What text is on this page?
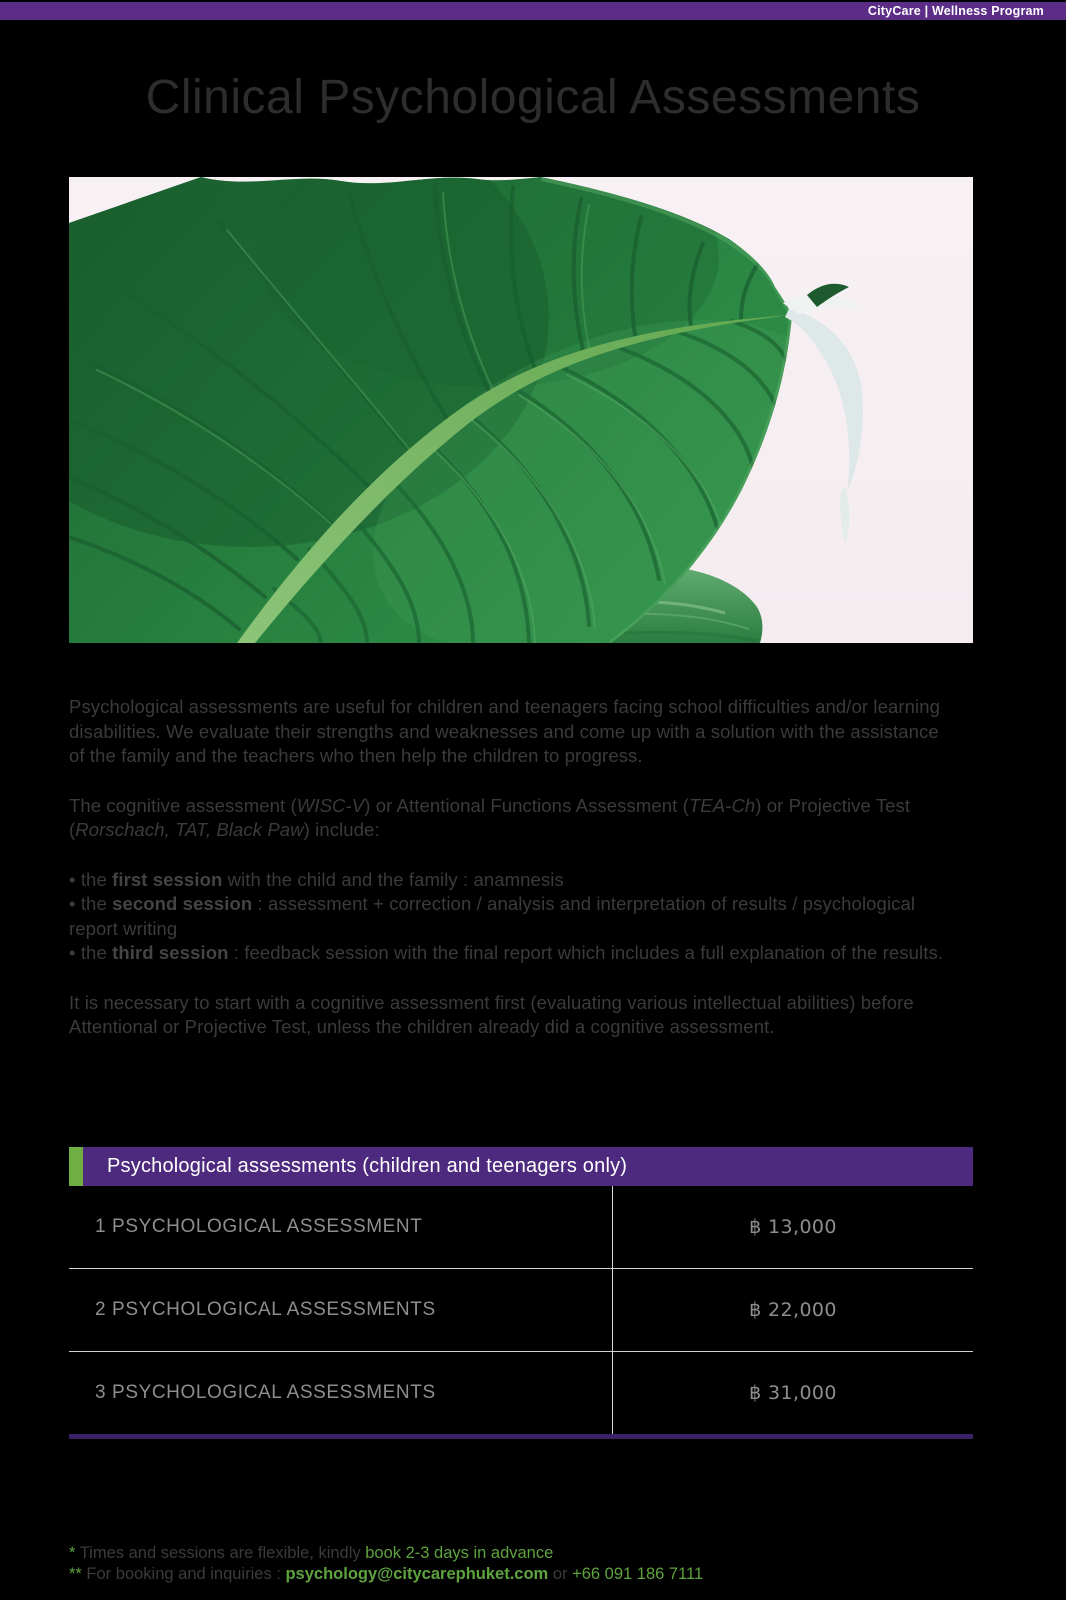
CityCare | Wellness Program
Clinical Psychological Assessments

Psychological assessments are useful for children and teenagers facing school difficulties and/or learning disabilities. We evaluate their strengths and weaknesses and come up with a solution with the assistance of the family and the teachers who then help the children to progress.

The cognitive assessment (WISC-V) or Attentional Functions Assessment (TEA-Ch) or Projective Test (Rorschach, TAT, Black Paw) include:

• the first session with the child and the family : anamnesis
• the second session : assessment + correction / analysis and interpretation of results / psychological report writing
• the third session : feedback session with the final report which includes a full explanation of the results.

It is necessary to start with a cognitive assessment first (evaluating various intellectual abilities) before Attentional or Projective Test, unless the children already did a cognitive assessment.

Psychological assessments (children and teenagers only)
1 PSYCHOLOGICAL ASSESSMENT	฿ 13,000
2 PSYCHOLOGICAL ASSESSMENTS	฿ 22,000
3 PSYCHOLOGICAL ASSESSMENTS	฿ 31,000

* Times and sessions are flexible, kindly book 2-3 days in advance

** For booking and inquiries : psychology@citycarephuket.com or +66 091 186 7111
